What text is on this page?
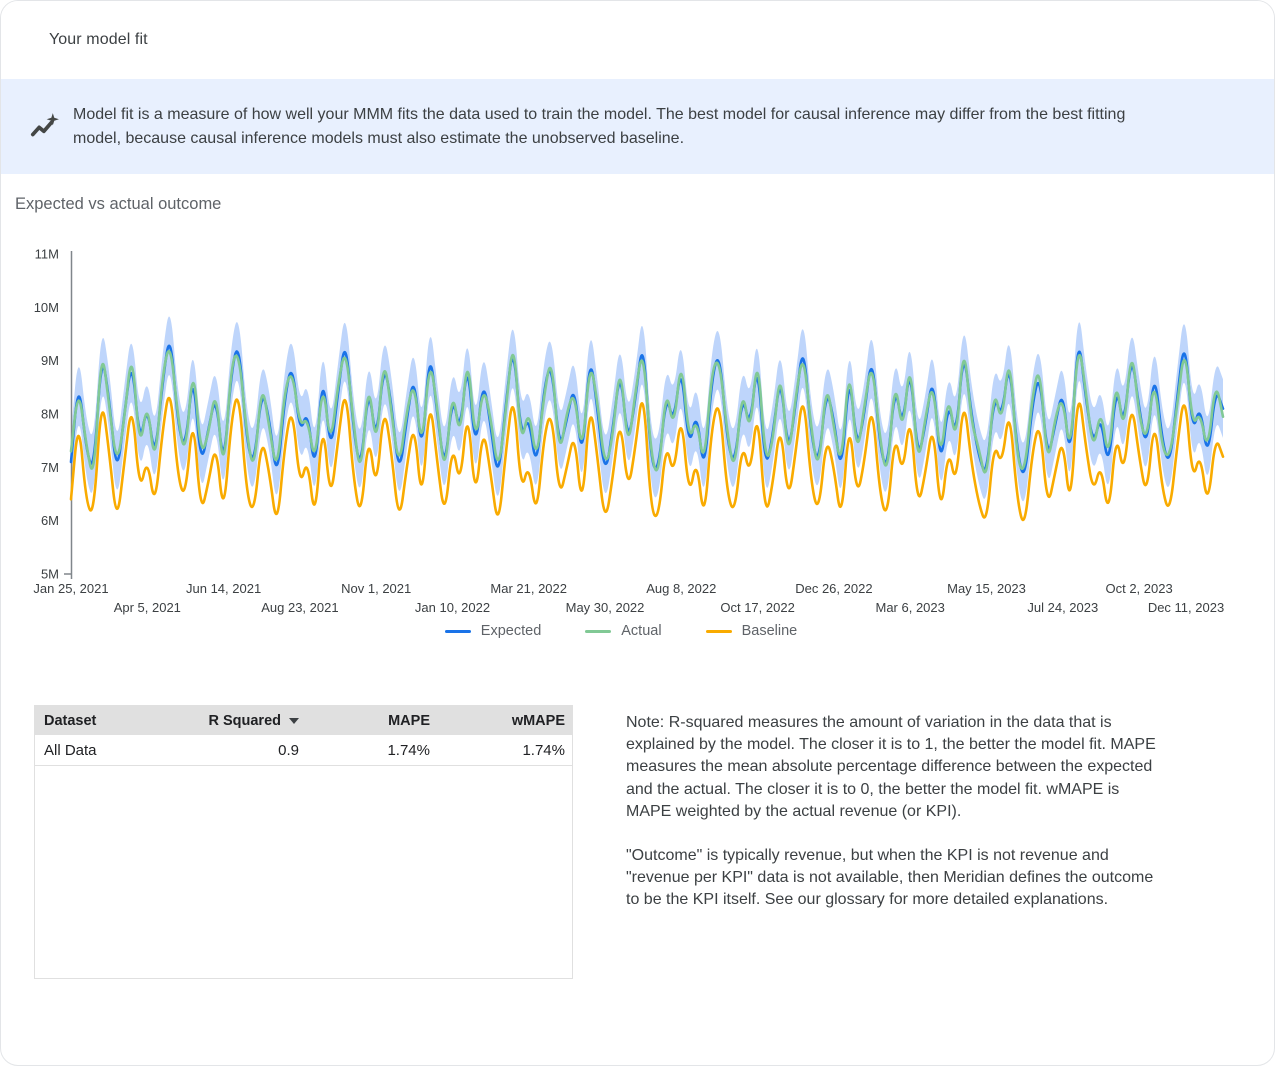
Your model fit
Model fit is a measure of how well your MMM fits the data used to train the model. The best model for causal inference may differ from the best fitting model, because causal inference models must also estimate the unobserved baseline.
Expected vs actual outcome
5M
6M
7M
8M
9M
10M
11M
Jan 25, 2021
Apr 5, 2021
Jun 14, 2021
Aug 23, 2021
Nov 1, 2021
Jan 10, 2022
Mar 21, 2022
May 30, 2022
Aug 8, 2022
Oct 17, 2022
Dec 26, 2022
Mar 6, 2023
May 15, 2023
Jul 24, 2023
Oct 2, 2023
Dec 11, 2023
Expected	Actual	Baseline
Dataset	R Squared	MAPE	wMAPE
All Data	0.9	1.74%	1.74%

Note: R-squared measures the amount of variation in the data that is explained by the model. The closer it is to 1, the better the model fit. MAPE measures the mean absolute percentage difference between the expected and the actual. The closer it is to 0, the better the model fit. wMAPE is MAPE weighted by the actual revenue (or KPI).

"Outcome" is typically revenue, but when the KPI is not revenue and "revenue per KPI" data is not available, then Meridian defines the outcome to be the KPI itself. See our glossary for more detailed explanations.
